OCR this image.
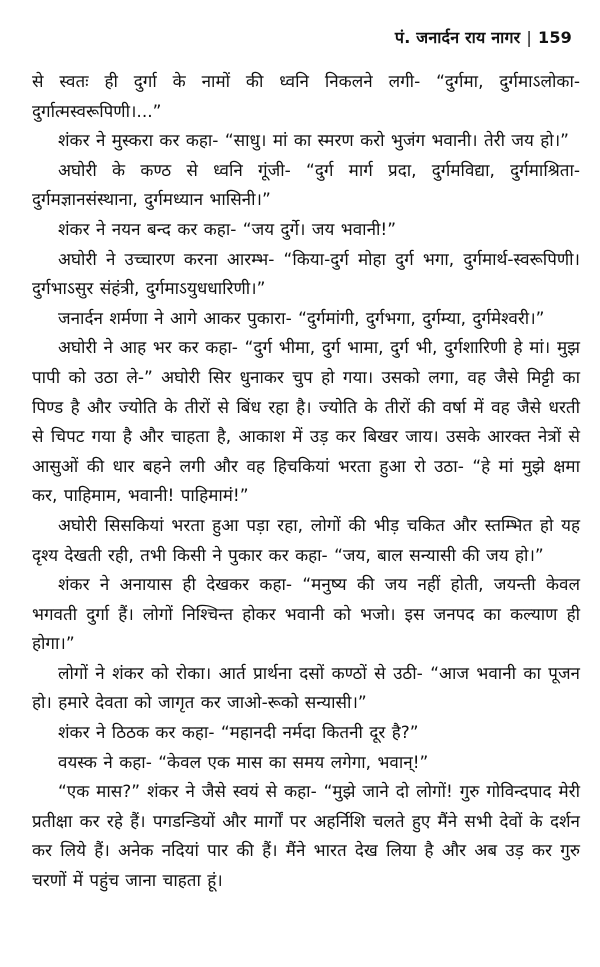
पं. जनार्दन राय नागर | 159

से स्वतः ही दुर्गा के नामों की ध्वनि निकलने लगी- “दुर्गमा, दुर्गमाऽलोका-दुर्गात्मस्वरूपिणी।...”

शंकर ने मुस्करा कर कहा- “साधु। मां का स्मरण करो भुजंग भवानी। तेरी जय हो।”

अघोरी के कण्ठ से ध्वनि गूंजी- “दुर्ग मार्ग प्रदा, दुर्गमविद्या, दुर्गमाश्रिता-दुर्गमज्ञानसंस्थाना, दुर्गमध्यान भासिनी।”

शंकर ने नयन बन्द कर कहा- “जय दुर्गे। जय भवानी!”

अघोरी ने उच्चारण करना आरम्भ- “किया-दुर्ग मोहा दुर्ग भगा, दुर्गमार्थ-स्वरूपिणी। दुर्गभाऽसुर संहंत्री, दुर्गमाऽयुधधारिणी।”

जनार्दन शर्मणा ने आगे आकर पुकारा- “दुर्गमांगी, दुर्गभगा, दुर्गम्या, दुर्गमेश्वरी।”

अघोरी ने आह भर कर कहा- “दुर्ग भीमा, दुर्ग भामा, दुर्ग भी, दुर्गशारिणी हे मां। मुझ पापी को उठा ले-” अघोरी सिर धुनाकर चुप हो गया। उसको लगा, वह जैसे मिट्टी का पिण्ड है और ज्योति के तीरों से बिंध रहा है। ज्योति के तीरों की वर्षा में वह जैसे धरती से चिपट गया है और चाहता है, आकाश में उड़ कर बिखर जाय। उसके आरक्त नेत्रों से आसुओं की धार बहने लगी और वह हिचकियां भरता हुआ रो उठा- “हे मां मुझे क्षमा कर, पाहिमाम, भवानी! पाहिमामं!”

अघोरी सिसकियां भरता हुआ पड़ा रहा, लोगों की भीड़ चकित और स्तम्भित हो यह दृश्य देखती रही, तभी किसी ने पुकार कर कहा- “जय, बाल सन्यासी की जय हो।”

शंकर ने अनायास ही देखकर कहा- “मनुष्य की जय नहीं होती, जयन्ती केवल भगवती दुर्गा हैं। लोगों निश्चिन्त होकर भवानी को भजो। इस जनपद का कल्याण ही होगा।”

लोगों ने शंकर को रोका। आर्त प्रार्थना दसों कण्ठों से उठी- “आज भवानी का पूजन हो। हमारे देवता को जागृत कर जाओ-रूको सन्यासी।”

शंकर ने ठिठक कर कहा- “महानदी नर्मदा कितनी दूर है?”

वयस्क ने कहा- “केवल एक मास का समय लगेगा, भवान्!”

“एक मास?” शंकर ने जैसे स्वयं से कहा- “मुझे जाने दो लोगों! गुरु गोविन्दपाद मेरी प्रतीक्षा कर रहे हैं। पगडन्डियों और मार्गों पर अहर्निशि चलते हुए मैंने सभी देवों के दर्शन कर लिये हैं। अनेक नदियां पार की हैं। मैंने भारत देख लिया है और अब उड़ कर गुरु चरणों में पहुंच जाना चाहता हूं।
